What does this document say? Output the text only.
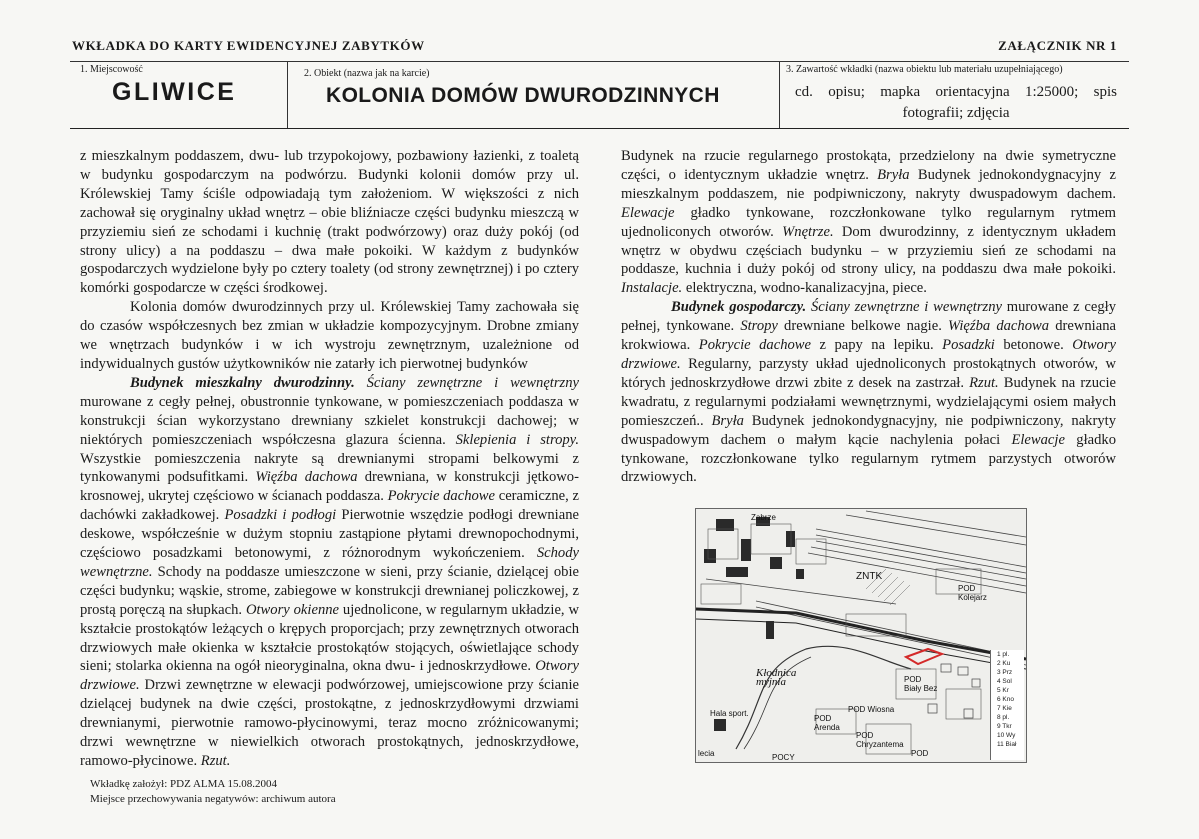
WKŁADKA DO KARTY EWIDENCYJNEJ ZABYTKÓW	ZAŁĄCZNIK NR 1
1. Miejscowość
GLIWICE
2. Obiekt (nazwa jak na karcie)
KOLONIA DOMÓW DWURODZINNYCH
3. Zawartość wkładki (nazwa obiektu lub materiału uzupełniającego)
cd. opisu; mapka orientacyjna 1:25000; spis fotografii; zdjęcia

z mieszkalnym poddaszem, dwu- lub trzypokojowy, pozbawiony łazienki, z toaletą w budynku gospodarczym na podwórzu. Budynki kolonii domów przy ul. Królewskiej Tamy ściśle odpowiadają tym założeniom. W większości z nich zachował się oryginalny układ wnętrz – obie bliźniacze części budynku mieszczą w przyziemiu sień ze schodami i kuchnię (trakt podwórzowy) oraz duży pokój (od strony ulicy) a na poddaszu – dwa małe pokoiki. W każdym z budynków gospodarczych wydzielone były po cztery toalety (od strony zewnętrznej) i po cztery komórki gospodarcze w części środkowej.

Kolonia domów dwurodzinnych przy ul. Królewskiej Tamy zachowała się do czasów współczesnych bez zmian w układzie kompozycyjnym. Drobne zmiany we wnętrzach budynków i w ich wystroju zewnętrznym, uzależnione od indywidualnych gustów użytkowników nie zatarły ich pierwotnej budynków

Budynek mieszkalny dwurodzinny. Ściany zewnętrzne i wewnętrzny murowane z cegły pełnej, obustronnie tynkowane, w pomieszczeniach poddasza w konstrukcji ścian wykorzystano drewniany szkielet konstrukcji dachowej; w niektórych pomieszczeniach współczesna glazura ścienna. Sklepienia i stropy. Wszystkie pomieszczenia nakryte są drewnianymi stropami belkowymi z tynkowanymi podsufitkami. Więźba dachowa drewniana, w konstrukcji jętkowo-krosnowej, ukrytej częściowo w ścianach poddasza. Pokrycie dachowe ceramiczne, z dachówki zakładkowej. Posadzki i podłogi Pierwotnie wszędzie podłogi drewniane deskowe, współcześnie w dużym stopniu zastąpione płytami drewnopochodnymi, częściowo posadzkami betonowymi, z różnorodnym wykończeniem. Schody wewnętrzne. Schody na poddasze umieszczone w sieni, przy ścianie, dzielącej obie części budynku; wąskie, strome, zabiegowe w konstrukcji drewnianej policzkowej, z prostą poręczą na słupkach. Otwory okienne ujednolicone, w regularnym układzie, w kształcie prostokątów leżących o krępych proporcjach; przy zewnętrznych otworach drzwiowych małe okienka w kształcie prostokątów stojących, oświetlające schody sieni; stolarka okienna na ogół nieoryginalna, okna dwu- i jednoskrzydłowe. Otwory drzwiowe. Drzwi zewnętrzne w elewacji podwórzowej, umiejscowione przy ścianie dzielącej budynek na dwie części, prostokątne, z jednoskrzydłowymi drzwiami drewnianymi, pierwotnie ramowo-płycinowymi, teraz mocno zróżnicowanymi; drzwi wewnętrzne w niewielkich otworach prostokątnych, jednoskrzydłowe, ramowo-płycinowe. Rzut.

Budynek na rzucie regularnego prostokąta, przedzielony na dwie symetryczne części, o identycznym układzie wnętrz. Bryła Budynek jednokondygnacyjny z mieszkalnym poddaszem, nie podpiwniczony, nakryty dwuspadowym dachem. Elewacje gładko tynkowane, rozczłonkowane tylko regularnym rytmem ujednoliconych otworów. Wnętrze. Dom dwurodzinny, z identycznym układem wnętrz w obydwu częściach budynku – w przyziemiu sień ze schodami na poddasze, kuchnia i duży pokój od strony ulicy, na poddaszu dwa małe pokoiki. Instalacje. elektryczna, wodno-kanalizacyjna, piece.

Budynek gospodarczy. Ściany zewnętrzne i wewnętrzny murowane z cegły pełnej, tynkowane. Stropy drewniane belkowe nagie. Więźba dachowa drewniana krokwiowa. Pokrycie dachowe z papy na lepiku. Posadzki betonowe. Otwory drzwiowe. Regularny, parzysty układ ujednoliconych prostokątnych otworów, w których jednoskrzydłowe drzwi zbite z desek na zastrzał. Rzut. Budynek na rzucie kwadratu, z regularnymi podziałami wewnętrznymi, wydzielającymi osiem małych pomieszczeń.. Bryła Budynek jednokondygnacyjny, nie podpiwniczony, nakryty dwuspadowym dachem o małym kącie nachylenia połaci Elewacje gładko tynkowane, rozczłonkowane tylko regularnym rytmem parzystych otworów drzwiowych.

ZNTK
POD
Kolejarz
Zabrze
Kłodnica
myjnia
Hala sport.
POD
Biały Bez
POD Wiosna
POD
Arenda
POD
Chryzantema
POD
lecia	POCY
1 pl.
2 Ku
3 Prz
4 Sol
5 Kr
6 Kno
7 Kie
8 pl.
9 Tkr
10 Wy
11 Biał
Wkładkę założył: PDZ ALMA 15.08.2004
Miejsce przechowywania negatywów: archiwum autora
